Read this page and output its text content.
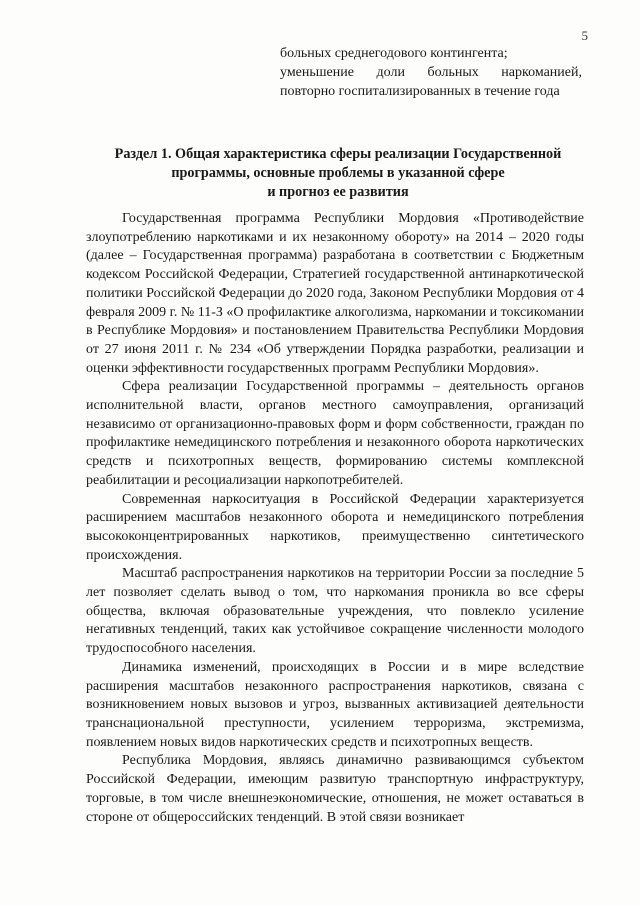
5

больных среднегодового контингента;

уменьшение доли больных наркоманией, повторно госпитализированных в течение года

Раздел 1. Общая характеристика сферы реализации Государственной
программы, основные проблемы в указанной сфере
и прогноз ее развития

Государственная программа Республики Мордовия «Противодействие злоупотреблению наркотиками и их незаконному обороту» на 2014 – 2020 годы (далее – Государственная программа) разработана в соответствии с Бюджетным кодексом Российской Федерации, Стратегией государственной антинаркотической политики Российской Федерации до 2020 года, Законом Республики Мордовия от 4 февраля 2009 г. № 11-З «О профилактике алкоголизма, наркомании и токсикомании в Республике Мордовия» и постановлением Правительства Республики Мордовия от 27 июня 2011 г. № 234 «Об утверждении Порядка разработки, реализации и оценки эффективности государственных программ Республики Мордовия».

Сфера реализации Государственной программы – деятельность органов исполнительной власти, органов местного самоуправления, организаций независимо от организационно-правовых форм и форм собственности, граждан по профилактике немедицинского потребления и незаконного оборота наркотических средств и психотропных веществ, формированию системы комплексной реабилитации и ресоциализации наркопотребителей.

Современная наркоситуация в Российской Федерации характеризуется расширением масштабов незаконного оборота и немедицинского потребления высококонцентрированных наркотиков, преимущественно синтетического происхождения.

Масштаб распространения наркотиков на территории России за последние 5 лет позволяет сделать вывод о том, что наркомания проникла во все сферы общества, включая образовательные учреждения, что повлекло усиление негативных тенденций, таких как устойчивое сокращение численности молодого трудоспособного населения.

Динамика изменений, происходящих в России и в мире вследствие расширения масштабов незаконного распространения наркотиков, связана с возникновением новых вызовов и угроз, вызванных активизацией деятельности транснациональной преступности, усилением терроризма, экстремизма, появлением новых видов наркотических средств и психотропных веществ.

Республика Мордовия, являясь динамично развивающимся субъектом Российской Федерации, имеющим развитую транспортную инфраструктуру, торговые, в том числе внешнеэкономические, отношения, не может оставаться в стороне от общероссийских тенденций. В этой связи возникает
